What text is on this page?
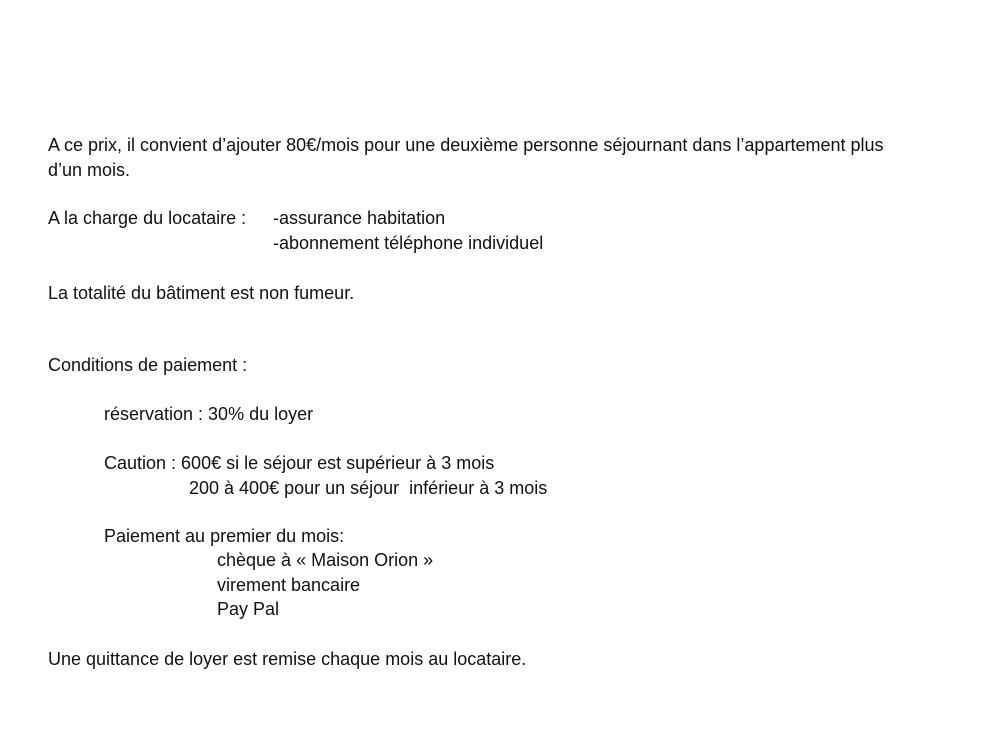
A ce prix, il convient d’ajouter 80€/mois pour une deuxième personne séjournant dans l’appartement plus

d’un mois.

A la charge du locataire : -assurance habitation

-abonnement téléphone individuel

La totalité du bâtiment est non fumeur.

Conditions de paiement :

réservation : 30% du loyer

Caution : 600€ si le séjour est supérieur à 3 mois

200 à 400€ pour un séjour  inférieur à 3 mois

Paiement au premier du mois:

chèque à « Maison Orion »

virement bancaire

Pay Pal

Une quittance de loyer est remise chaque mois au locataire.
